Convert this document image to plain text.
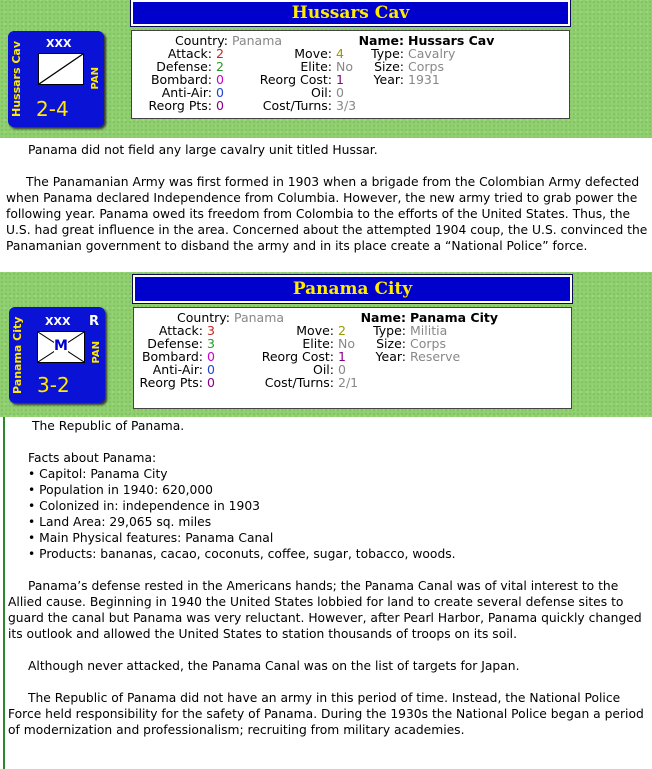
Hussars Cav
Hussars Cav	XXX
PAN
2-4
Country: Panama
Attack: 2
Defense: 2
Bombard: 0
Anti-Air: 0
Reorg Pts: 0
Move: 4
Elite: No
Reorg Cost: 1
Oil: 0
Cost/Turns: 3/3
Name: Hussars Cav
Type: Cavalry
Size: Corps
Year: 1931

Panama did not field any large cavalry unit titled Hussar.

The Panamanian Army was first formed in 1903 when a brigade from the Colombian Army defected when Panama declared Independence from Columbia. However, the new army tried to grab power the following year. Panama owed its freedom from Colombia to the efforts of the United States. Thus, the U.S. had great influence in the area. Concerned about the attempted 1904 coup, the U.S. convinced the Panamanian government to disband the army and in its place create a “National Police” force.

Panama City
Panama City	XXX R
M PAN
3-2
Country: Panama
Attack: 3
Defense: 3
Bombard: 0
Anti-Air: 0
Reorg Pts: 0
Move: 2
Elite: No
Reorg Cost: 1
Oil: 0
Cost/Turns: 2/1
Name: Panama City
Type: Militia
Size: Corps
Year: Reserve

The Republic of Panama.

Facts about Panama:

• Capitol: Panama City

• Population in 1940: 620,000

• Colonized in: independence in 1903

• Land Area: 29,065 sq. miles

• Main Physical features: Panama Canal

• Products: bananas, cacao, coconuts, coffee, sugar, tobacco, woods.

Panama’s defense rested in the Americans hands; the Panama Canal was of vital interest to the Allied cause. Beginning in 1940 the United States lobbied for land to create several defense sites to guard the canal but Panama was very reluctant. However, after Pearl Harbor, Panama quickly changed its outlook and allowed the United States to station thousands of troops on its soil.

Although never attacked, the Panama Canal was on the list of targets for Japan.

The Republic of Panama did not have an army in this period of time. Instead, the National Police Force held responsibility for the safety of Panama. During the 1930s the National Police began a period of modernization and professionalism; recruiting from military academies.
